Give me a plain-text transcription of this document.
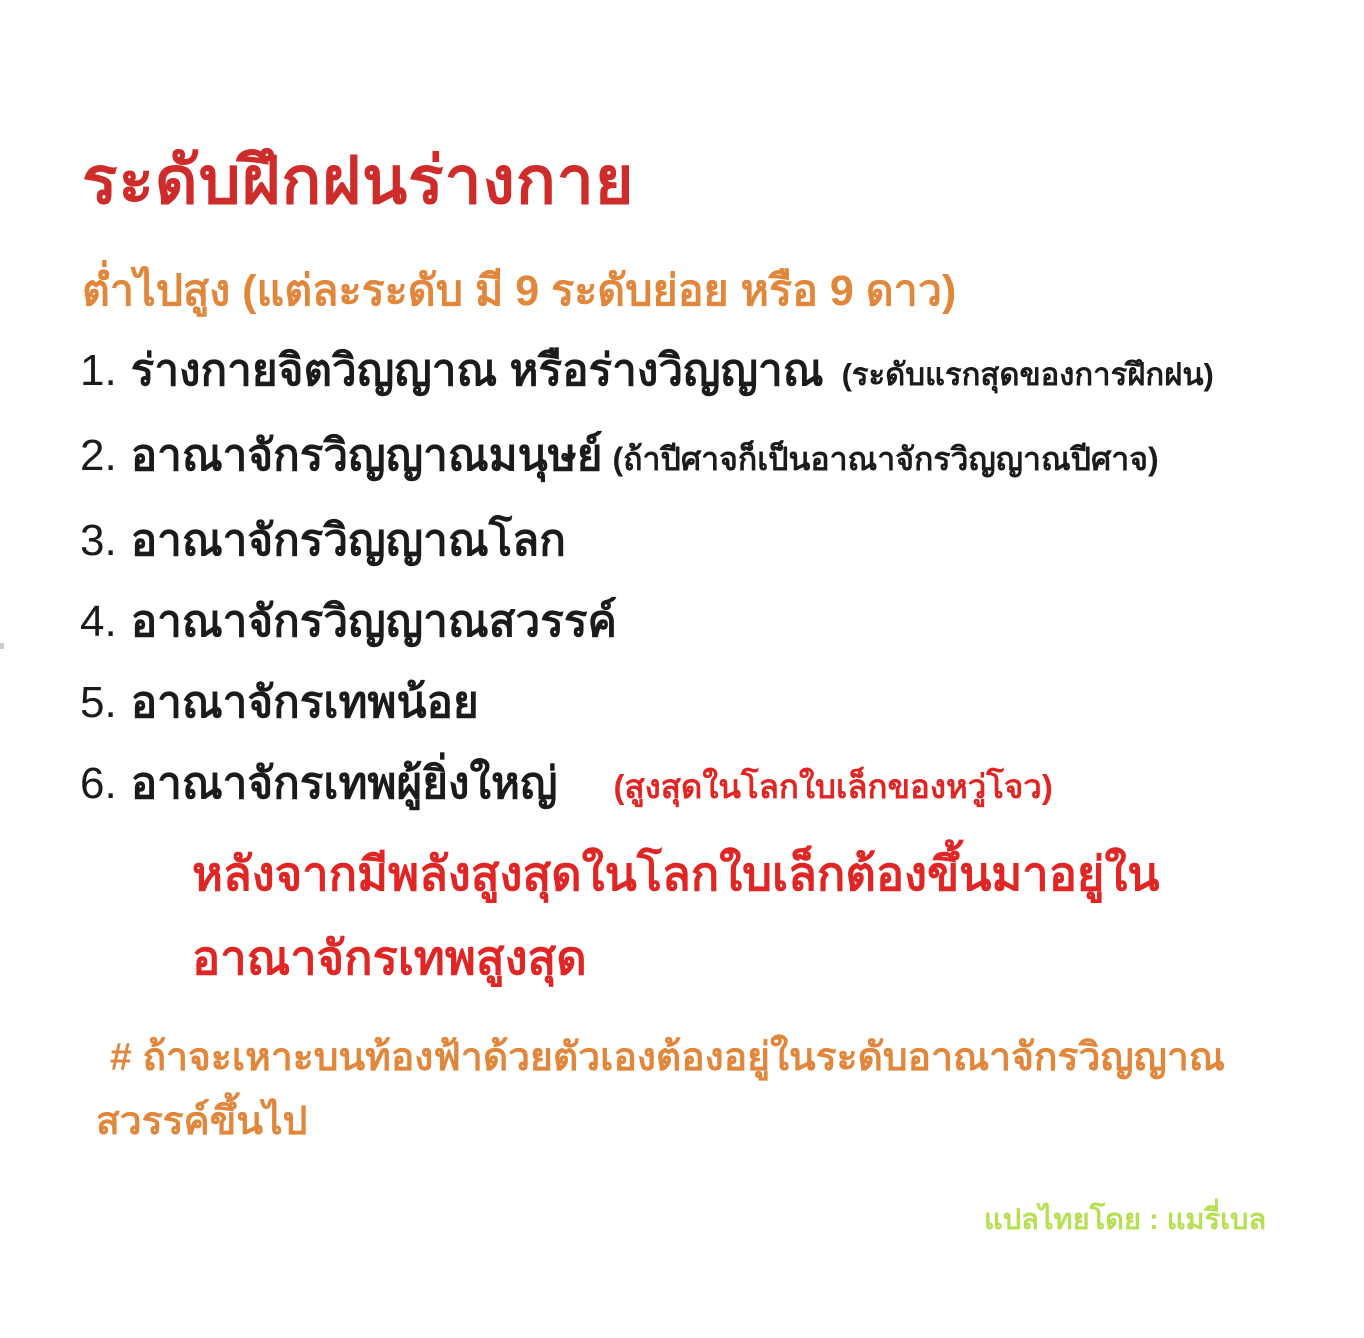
ระดับฝึกฝนร่างกาย
ต่ำไปสูง (แต่ละระดับ มี 9 ระดับย่อย หรือ 9 ดาว)
1. ร่างกายจิตวิญญาณ หรือร่างวิญญาณ (ระดับแรกสุดของการฝึกฝน)
2. อาณาจักรวิญญาณมนุษย์ (ถ้าปีศาจก็เป็นอาณาจักรวิญญาณปีศาจ)
3. อาณาจักรวิญญาณโลก
4. อาณาจักรวิญญาณสวรรค์
5. อาณาจักรเทพน้อย
6. อาณาจักรเทพผู้ยิ่งใหญ่ (สูงสุดในโลกใบเล็กของหวู่โจว)
หลังจากมีพลังสูงสุดในโลกใบเล็กต้องขึ้นมาอยู่ใน
อาณาจักรเทพสูงสุด
# ถ้าจะเหาะบนท้องฟ้าด้วยตัวเองต้องอยู่ในระดับอาณาจักรวิญญาณ
สวรรค์ขึ้นไป
แปลไทยโดย : แมรี่เบล
